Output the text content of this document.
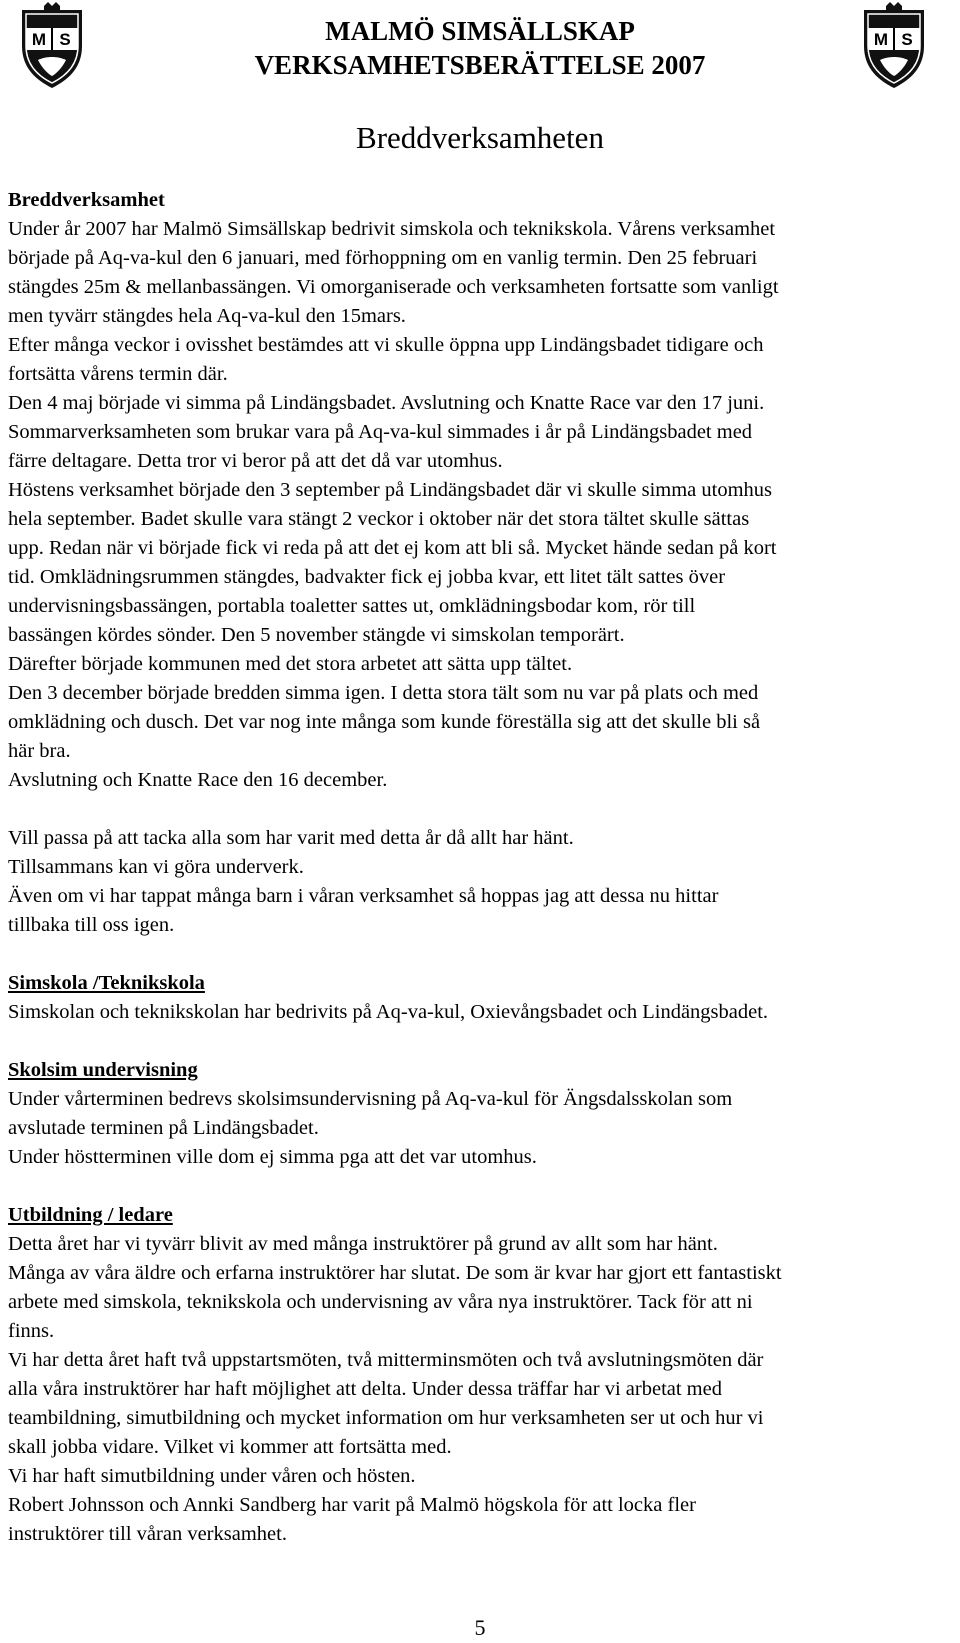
M S	M S
MALMÖ SIMSÄLLSKAP
VERKSAMHETSBERÄTTELSE 2007
Breddverksamheten

Breddverksamhet

Under år 2007 har Malmö Simsällskap bedrivit simskola och teknikskola. Vårens verksamhet

började på Aq-va-kul den 6 januari, med förhoppning om en vanlig termin. Den 25 februari

stängdes 25m & mellanbassängen. Vi omorganiserade och verksamheten fortsatte som vanligt

men tyvärr stängdes hela Aq-va-kul den 15mars.

Efter många veckor i ovisshet bestämdes att vi skulle öppna upp Lindängsbadet tidigare och

fortsätta vårens termin där.

Den 4 maj började vi simma på Lindängsbadet. Avslutning och Knatte Race var den 17 juni.

Sommarverksamheten som brukar vara på Aq-va-kul simmades i år på Lindängsbadet med

färre deltagare. Detta tror vi beror på att det då var utomhus.

Höstens verksamhet började den 3 september på Lindängsbadet där vi skulle simma utomhus

hela september. Badet skulle vara stängt 2 veckor i oktober när det stora tältet skulle sättas

upp. Redan när vi började fick vi reda på att det ej kom att bli så. Mycket hände sedan på kort

tid. Omklädningsrummen stängdes, badvakter fick ej jobba kvar, ett litet tält sattes över

undervisningsbassängen, portabla toaletter sattes ut, omklädningsbodar kom, rör till

bassängen kördes sönder. Den 5 november stängde vi simskolan temporärt.

Därefter började kommunen med det stora arbetet att sätta upp tältet.

Den 3 december började bredden simma igen. I detta stora tält som nu var på plats och med

omklädning och dusch. Det var nog inte många som kunde föreställa sig att det skulle bli så

här bra.

Avslutning och Knatte Race den 16 december.

Vill passa på att tacka alla som har varit med detta år då allt har hänt.

Tillsammans kan vi göra underverk.

Även om vi har tappat många barn i våran verksamhet så hoppas jag att dessa nu hittar

tillbaka till oss igen.

Simskola /Teknikskola

Simskolan och teknikskolan har bedrivits på Aq-va-kul, Oxievångsbadet och Lindängsbadet.

Skolsim undervisning

Under vårterminen bedrevs skolsimsundervisning på Aq-va-kul för Ängsdalsskolan som

avslutade terminen på Lindängsbadet.

Under höstterminen ville dom ej simma pga att det var utomhus.

Utbildning / ledare

Detta året har vi tyvärr blivit av med många instruktörer på grund av allt som har hänt.

Många av våra äldre och erfarna instruktörer har slutat. De som är kvar har gjort ett fantastiskt

arbete med simskola, teknikskola och undervisning av våra nya instruktörer. Tack för att ni

finns.

Vi har detta året haft två uppstartsmöten, två mitterminsmöten och två avslutningsmöten där

alla våra instruktörer har haft möjlighet att delta. Under dessa träffar har vi arbetat med

teambildning, simutbildning och mycket information om hur verksamheten ser ut och hur vi

skall jobba vidare. Vilket vi kommer att fortsätta med.

Vi har haft simutbildning under våren och hösten.

Robert Johnsson och Annki Sandberg har varit på Malmö högskola för att locka fler

instruktörer till våran verksamhet.

5
